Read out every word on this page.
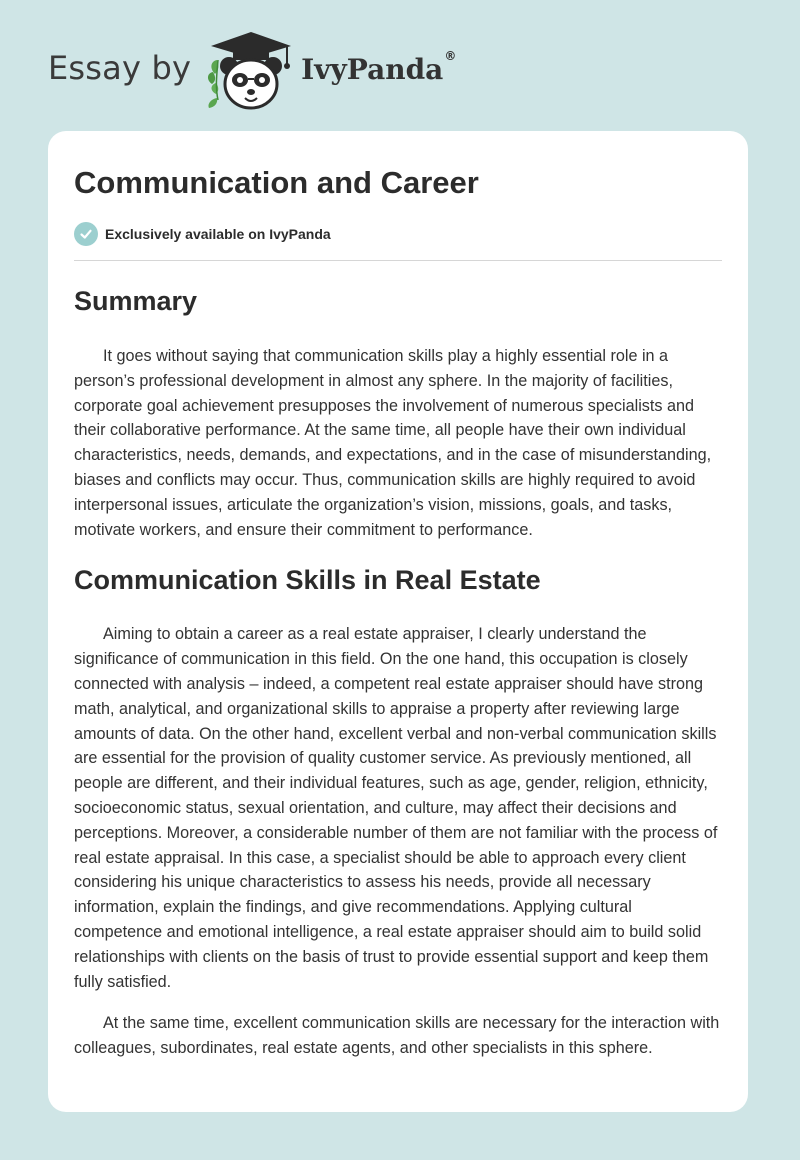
Essay by	IvyPanda®
Communication and Career
Exclusively available on IvyPanda
Summary

It goes without saying that communication skills play a highly essential role in a person’s professional development in almost any sphere. In the majority of facilities, corporate goal achievement presupposes the involvement of numerous specialists and their collaborative performance. At the same time, all people have their own individual characteristics, needs, demands, and expectations, and in the case of misunderstanding, biases and conflicts may occur. Thus, communication skills are highly required to avoid interpersonal issues, articulate the organization’s vision, missions, goals, and tasks, motivate workers, and ensure their commitment to performance.

Communication Skills in Real Estate

Aiming to obtain a career as a real estate appraiser, I clearly understand the significance of communication in this field. On the one hand, this occupation is closely connected with analysis – indeed, a competent real estate appraiser should have strong math, analytical, and organizational skills to appraise a property after reviewing large amounts of data. On the other hand, excellent verbal and non-verbal communication skills are essential for the provision of quality customer service. As previously mentioned, all people are different, and their individual features, such as age, gender, religion, ethnicity, socioeconomic status, sexual orientation, and culture, may affect their decisions and perceptions. Moreover, a considerable number of them are not familiar with the process of real estate appraisal. In this case, a specialist should be able to approach every client considering his unique characteristics to assess his needs, provide all necessary information, explain the findings, and give recommendations. Applying cultural competence and emotional intelligence, a real estate appraiser should aim to build solid relationships with clients on the basis of trust to provide essential support and keep them fully satisfied.

At the same time, excellent communication skills are necessary for the interaction with colleagues, subordinates, real estate agents, and other specialists in this sphere.
